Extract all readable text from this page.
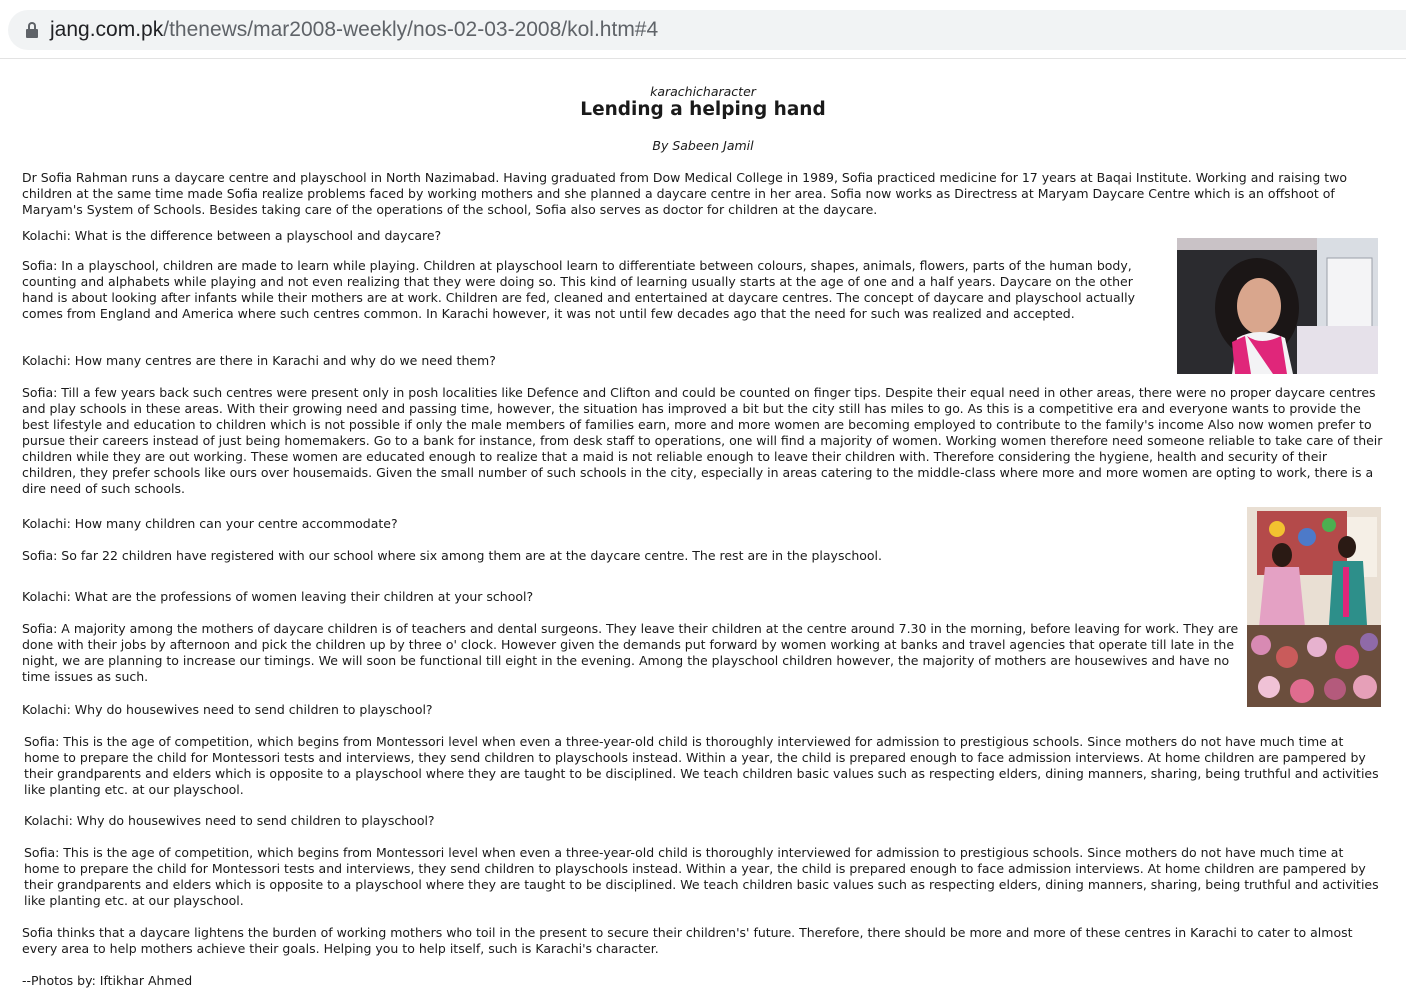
jang.com.pk/thenews/mar2008-weekly/nos-02-03-2008/kol.htm#4
karachicharacter
Lending a helping hand
By Sabeen Jamil

Dr Sofia Rahman runs a daycare centre and playschool in North Nazimabad. Having graduated from Dow Medical College in 1989, Sofia practiced medicine for 17 years at Baqai Institute. Working and raising two children at the same time made Sofia realize problems faced by working mothers and she planned a daycare centre in her area. Sofia now works as Directress at Maryam Daycare Centre which is an offshoot of Maryam's System of Schools. Besides taking care of the operations of the school, Sofia also serves as doctor for children at the daycare.

Kolachi: What is the difference between a playschool and daycare?

Sofia: In a playschool, children are made to learn while playing. Children at playschool learn to differentiate between colours, shapes, animals, flowers, parts of the human body, counting and alphabets while playing and not even realizing that they were doing so. This kind of learning usually starts at the age of one and a half years. Daycare on the other hand is about looking after infants while their mothers are at work. Children are fed, cleaned and entertained at daycare centres. The concept of daycare and playschool actually comes from England and America where such centres common. In Karachi however, it was not until few decades ago that the need for such was realized and accepted.

Kolachi: How many centres are there in Karachi and why do we need them?

Sofia: Till a few years back such centres were present only in posh localities like Defence and Clifton and could be counted on finger tips. Despite their equal need in other areas, there were no proper daycare centres and play schools in these areas. With their growing need and passing time, however, the situation has improved a bit but the city still has miles to go. As this is a competitive era and everyone wants to provide the best lifestyle and education to children which is not possible if only the male members of families earn, more and more women are becoming employed to contribute to the family's income Also now women prefer to pursue their careers instead of just being homemakers. Go to a bank for instance, from desk staff to operations, one will find a majority of women. Working women therefore need someone reliable to take care of their children while they are out working. These women are educated enough to realize that a maid is not reliable enough to leave their children with. Therefore considering the hygiene, health and security of their children, they prefer schools like ours over housemaids. Given the small number of such schools in the city, especially in areas catering to the middle-class where more and more women are opting to work, there is a dire need of such schools.

Kolachi: How many children can your centre accommodate?

Sofia: So far 22 children have registered with our school where six among them are at the daycare centre. The rest are in the playschool.

Kolachi: What are the professions of women leaving their children at your school?

Sofia: A majority among the mothers of daycare children is of teachers and dental surgeons. They leave their children at the centre around 7.30 in the morning, before leaving for work. They are done with their jobs by afternoon and pick the children up by three o' clock. However given the demands put forward by women working at banks and travel agencies that operate till late in the night, we are planning to increase our timings. We will soon be functional till eight in the evening. Among the playschool children however, the majority of mothers are housewives and have no time issues as such.

Kolachi: Why do housewives need to send children to playschool?

Sofia: This is the age of competition, which begins from Montessori level when even a three-year-old child is thoroughly interviewed for admission to prestigious schools. Since mothers do not have much time at home to prepare the child for Montessori tests and interviews, they send children to playschools instead. Within a year, the child is prepared enough to face admission interviews. At home children are pampered by their grandparents and elders which is opposite to a playschool where they are taught to be disciplined. We teach children basic values such as respecting elders, dining manners, sharing, being truthful and activities like planting etc. at our playschool.

Kolachi: Why do housewives need to send children to playschool?

Sofia: This is the age of competition, which begins from Montessori level when even a three-year-old child is thoroughly interviewed for admission to prestigious schools. Since mothers do not have much time at home to prepare the child for Montessori tests and interviews, they send children to playschools instead. Within a year, the child is prepared enough to face admission interviews. At home children are pampered by their grandparents and elders which is opposite to a playschool where they are taught to be disciplined. We teach children basic values such as respecting elders, dining manners, sharing, being truthful and activities like planting etc. at our playschool.

Sofia thinks that a daycare lightens the burden of working mothers who toil in the present to secure their children's' future. Therefore, there should be more and more of these centres in Karachi to cater to almost every area to help mothers achieve their goals. Helping you to help itself, such is Karachi's character.

--Photos by: Iftikhar Ahmed
